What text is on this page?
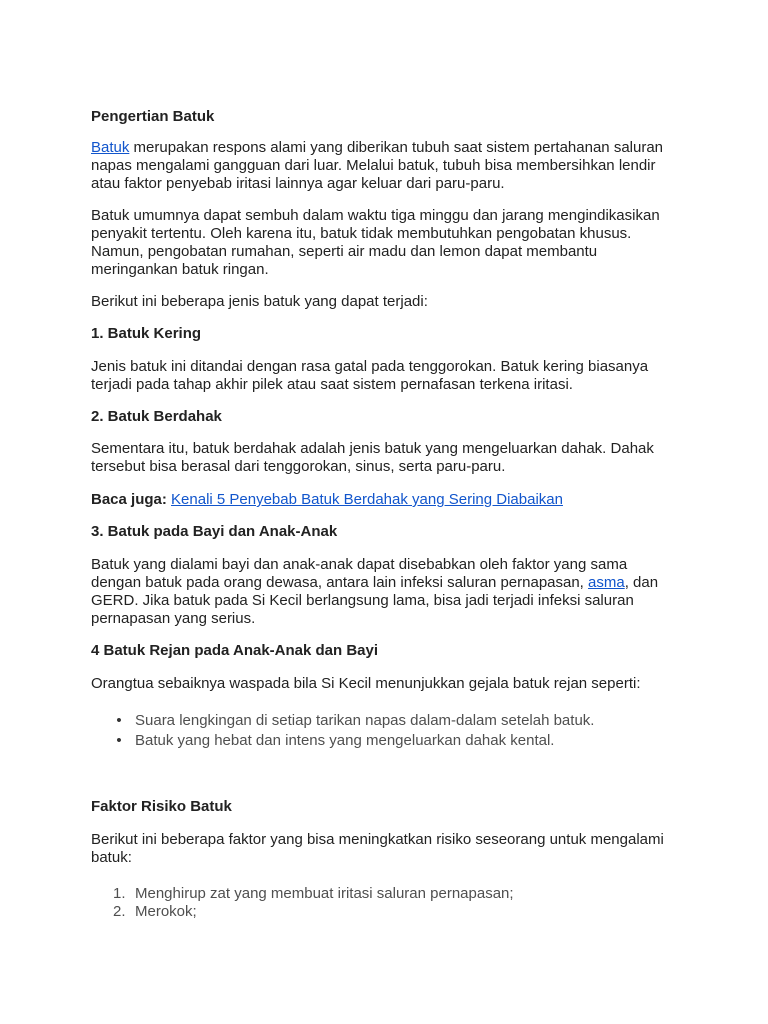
Pengertian Batuk
Batuk merupakan respons alami yang diberikan tubuh saat sistem pertahanan saluran
napas mengalami gangguan dari luar. Melalui batuk, tubuh bisa membersihkan lendir
atau faktor penyebab iritasi lainnya agar keluar dari paru-paru.
Batuk umumnya dapat sembuh dalam waktu tiga minggu dan jarang mengindikasikan
penyakit tertentu. Oleh karena itu, batuk tidak membutuhkan pengobatan khusus.
Namun, pengobatan rumahan, seperti air madu dan lemon dapat membantu
meringankan batuk ringan.
Berikut ini beberapa jenis batuk yang dapat terjadi:
1. Batuk Kering
Jenis batuk ini ditandai dengan rasa gatal pada tenggorokan. Batuk kering biasanya
terjadi pada tahap akhir pilek atau saat sistem pernafasan terkena iritasi.
2. Batuk Berdahak
Sementara itu, batuk berdahak adalah jenis batuk yang mengeluarkan dahak. Dahak
tersebut bisa berasal dari tenggorokan, sinus, serta paru-paru.
Baca juga: Kenali 5 Penyebab Batuk Berdahak yang Sering Diabaikan
3. Batuk pada Bayi dan Anak-Anak
Batuk yang dialami bayi dan anak-anak dapat disebabkan oleh faktor yang sama
dengan batuk pada orang dewasa, antara lain infeksi saluran pernapasan, asma, dan
GERD. Jika batuk pada Si Kecil berlangsung lama, bisa jadi terjadi infeksi saluran
pernapasan yang serius.
4 Batuk Rejan pada Anak-Anak dan Bayi
Orangtua sebaiknya waspada bila Si Kecil menunjukkan gejala batuk rejan seperti:
•
Suara lengkingan di setiap tarikan napas dalam-dalam setelah batuk.
•
Batuk yang hebat dan intens yang mengeluarkan dahak kental.
Faktor Risiko Batuk
Berikut ini beberapa faktor yang bisa meningkatkan risiko seseorang untuk mengalami
batuk:
1. Menghirup zat yang membuat iritasi saluran pernapasan;
2. Merokok;
